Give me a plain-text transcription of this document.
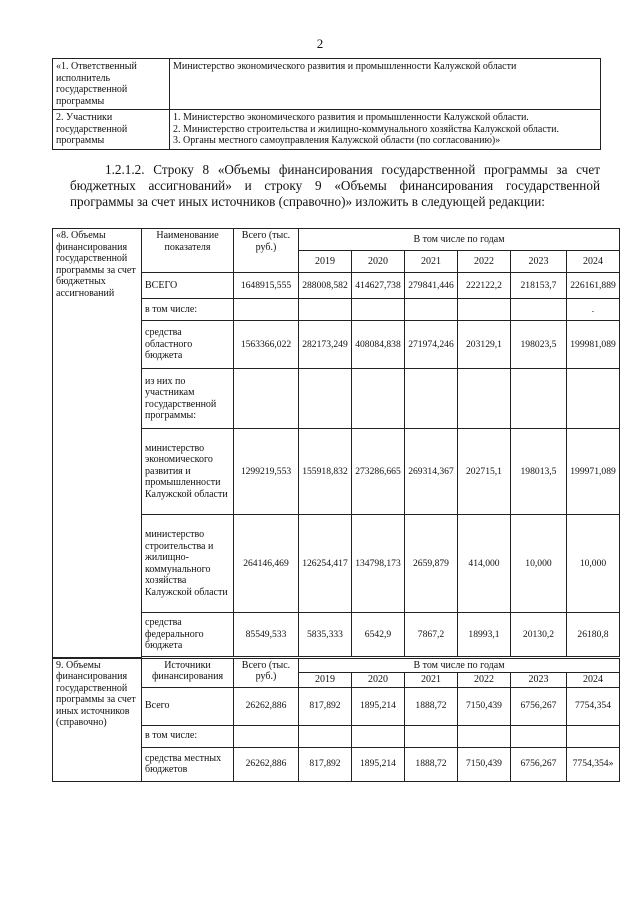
2
«1. Ответственный исполнитель государственной программы	Министерство экономического развития и промышленности Калужской области
2. Участники государственной программы	1. Министерство экономического развития и промышленности Калужской области.
2. Министерство строительства и жилищно-коммунального хозяйства Калужской области.
3. Органы местного самоуправления Калужской области (по согласованию)»
1.2.1.2. Строку 8 «Объемы финансирования государственной программы за счет
бюджетных ассигнований» и строку 9 «Объемы финансирования государственной программы за счет иных источников (справочно)» изложить в следующей редакции:
«8. Объемы финансирования государственной программы за счет бюджетных ассигнований	Наименование показателя	Всего (тыс. руб.)	В том числе по годам					
			2019	2020	2021	2022	2023	2024
	ВСЕГО	1648915,555	288008,582	414627,738	279841,446	222122,2	218153,7	226161,889
	в том числе:							.
	средства областного бюджета	1563366,022	282173,249	408084,838	271974,246	203129,1	198023,5	199981,089
	из них по участникам государственной программы:							
	министерство экономического развития и промышленности Калужской области	1299219,553	155918,832	273286,665	269314,367	202715,1	198013,5	199971,089
	министерство строительства и жилищно-коммунального хозяйства Калужской области	264146,469	126254,417	134798,173	2659,879	414,000	10,000	10,000
	средства федерального бюджета	85549,533	5835,333	6542,9	7867,2	18993,1	20130,2	26180,8

9. Объемы финансирования государственной программы за счет иных источников (справочно)	Источники финансирования	Всего (тыс. руб.)	В том числе по годам					
			2019	2020	2021	2022	2023	2024
	Всего	26262,886	817,892	1895,214	1888,72	7150,439	6756,267	7754,354
	в том числе:							
	средства местных бюджетов	26262,886	817,892	1895,214	1888,72	7150,439	6756,267	7754,354»
